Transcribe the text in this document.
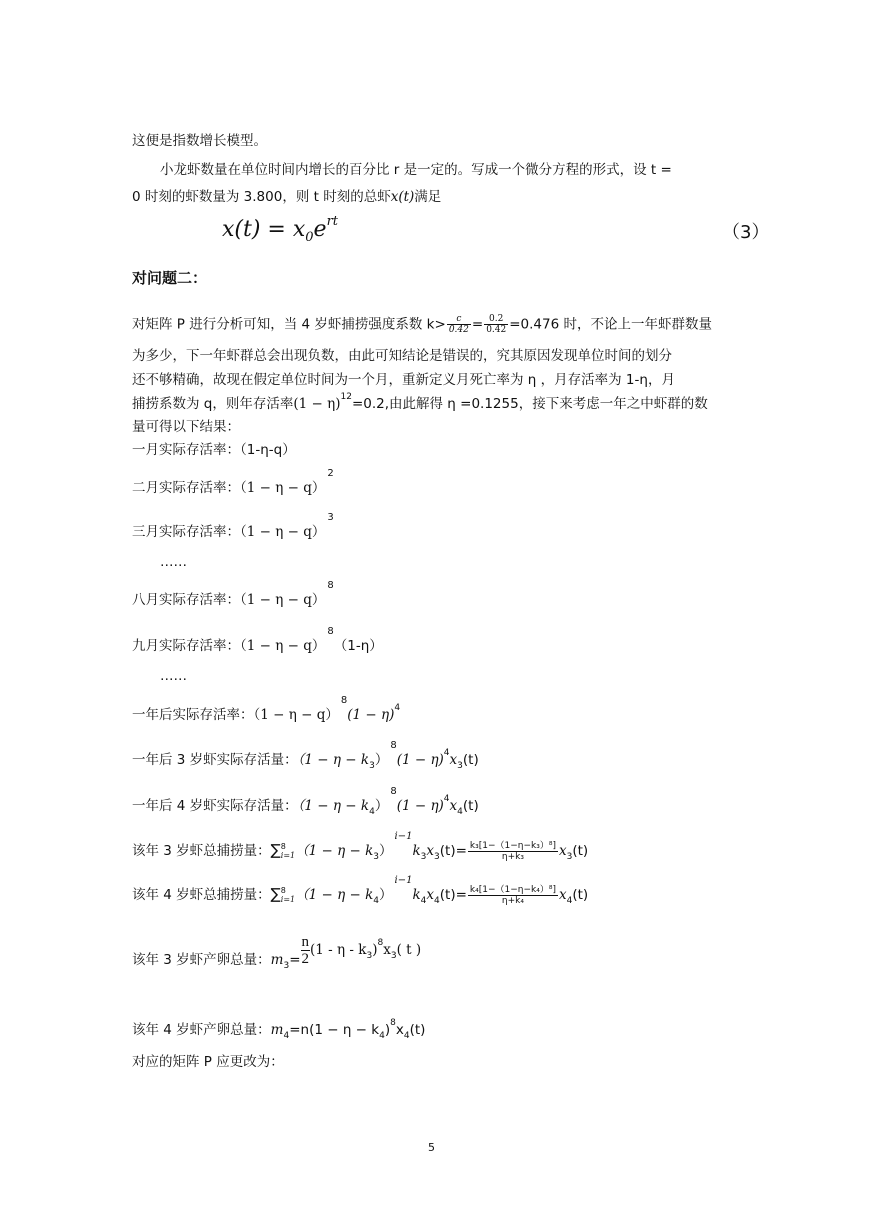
这便是指数增长模型。
小龙虾数量在单位时间内增长的百分比 r 是一定的。写成一个微分方程的形式，设 t =
0 时刻的虾数量为 3.800，则 t 时刻的总虾x(t)满足
$x(t) = x_0e^{rt}$
（3）
对问题二：
对矩阵 P 进行分析可知，当 4 岁虾捕捞强度系数 $k> \frac{c}{0.42} = \frac{0.2}{0.42} =0.476$ 时，不论上一年虾群数量
为多少，下一年虾群总会出现负数，由此可知结论是错误的，究其原因发现单位时间的划分
还不够精确，故现在假定单位时间为一个月，重新定义月死亡率为 η ，月存活率为 1-η，月
捕捞系数为 q，则年存活率$(1 - \eta)^{12}=0.2$,由此解得 η =0.1255，接下来考虑一年之中虾群的数
量可得以下结果：
一月实际存活率：（1-η-q）
二月实际存活率：$(1 - \eta - q)^2$
三月实际存活率：$(1 - \eta - q)^3$
……
八月实际存活率：$(1 - \eta - q)^8$
九月实际存活率：$(1 - \eta - q)^8(1-\eta)$
……
一年后实际存活率：$(1 - \eta - q)^8(1 - \eta)^4$
一年后 3 岁虾实际存活量：$(1 - \eta - k_3)^8(1 - \eta)^4x_3(t)$
一年后 4 岁虾实际存活量：$(1 - \eta - k_4)^8(1 - \eta)^4x_4(t)$
该年 3 岁虾总捕捞量：∑ 8
i=1 $(1 - \eta - k_3)^{i-1}k_3x_3(t)= \frac{\text{k₃[1−（1−η−k₃）⁸]}}{\text{η+k₃}} x_3(t)$
该年 4 岁虾总捕捞量：∑ 8
i=1 $(1 - \eta - k_4)^{i-1}k_4x_4(t)= \frac{\text{k₄[1−（1−η−k₄）⁸]}}{\text{η+k₄}} x_4(t)$
该年 3 岁虾产卵总量：$m_3= \frac{n}{2} (1 - \eta - k_3)^8x_3$( t )
该年 4 岁虾产卵总量：$m_4=n(1 - \eta - k_4)^8x_4(t)$
对应的矩阵 P 应更改为：
5
